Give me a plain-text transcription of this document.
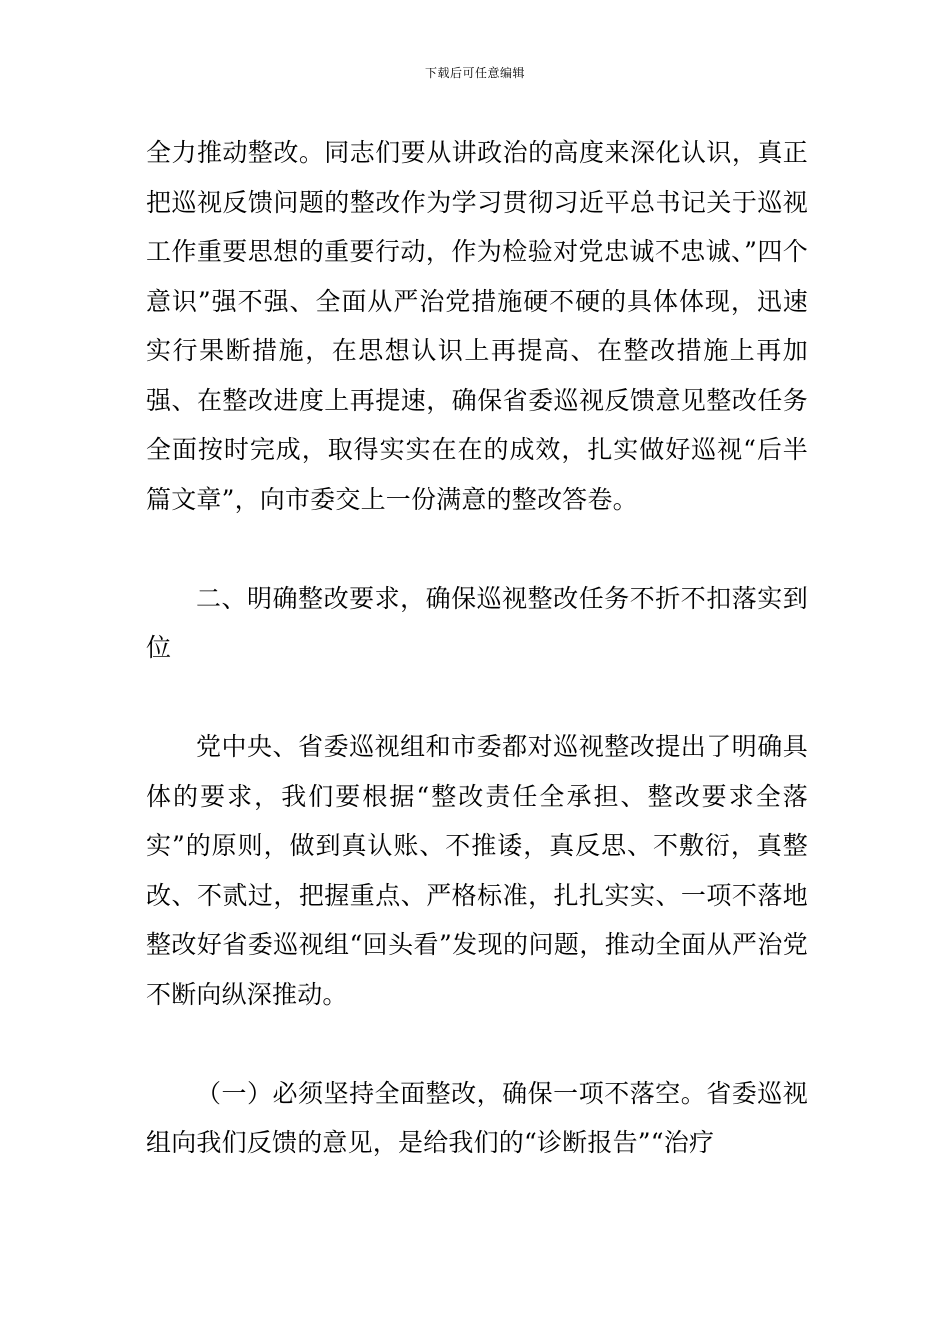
下载后可任意编辑

全力推动整改。同志们要从讲政治的高度来深化认识，真正把巡视反馈问题的整改作为学习贯彻习近平总书记关于巡视工作重要思想的重要行动，作为检验对党忠诚不忠诚、”四个意识”强不强、全面从严治党措施硬不硬的具体体现，迅速实行果断措施，在思想认识上再提高、在整改措施上再加强、在整改进度上再提速，确保省委巡视反馈意见整改任务全面按时完成，取得实实在在的成效，扎实做好巡视“后半篇文章”，向市委交上一份满意的整改答卷。

二、明确整改要求，确保巡视整改任务不折不扣落实到位

党中央、省委巡视组和市委都对巡视整改提出了明确具体的要求，我们要根据“整改责任全承担、整改要求全落实”的原则，做到真认账、不推诿，真反思、不敷衍，真整改、不贰过，把握重点、严格标准，扎扎实实、一项不落地整改好省委巡视组“回头看”发现的问题，推动全面从严治党不断向纵深推动。

（一）必须坚持全面整改，确保一项不落空。省委巡视组向我们反馈的意见，是给我们的“诊断报告”“治疗
